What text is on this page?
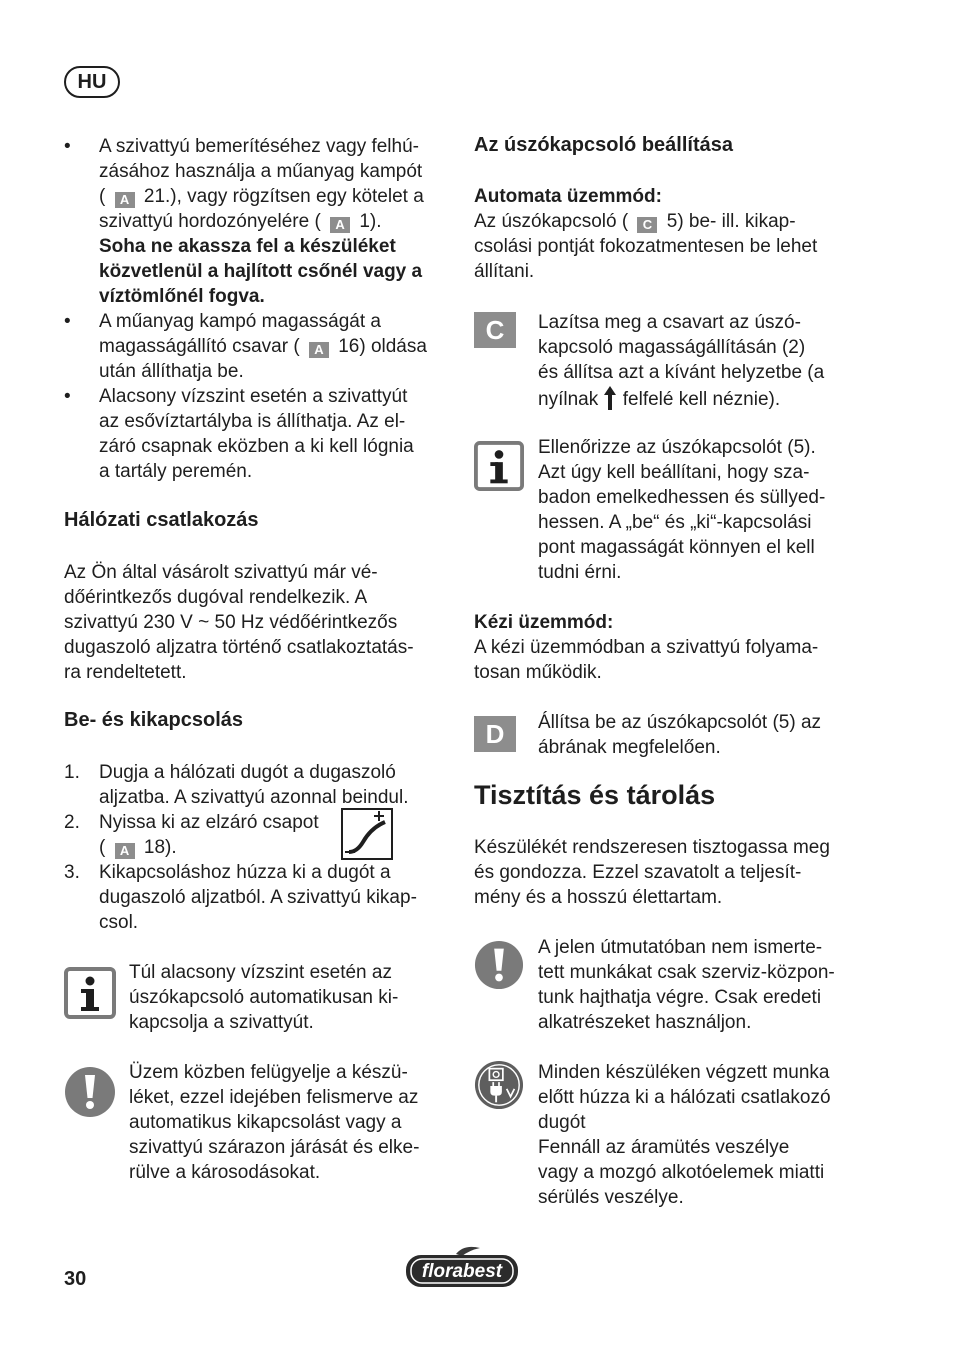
HU
• A szivattyú bemerítéséhez vagy felhú-
zásához használja a műanyag kampót
( A 21.), vagy rögzítsen egy kötelet a
szivattyú hordozónyelére ( A 1).
Soha ne akassza fel a készüléket
közvetlenül a hajlított csőnél vagy a
víztömlőnél fogva.
• A műanyag kampó magasságát a
magasságállító csavar ( A 16) oldása
után állíthatja be.
• Alacsony vízszint esetén a szivattyút
az esővíztartályba is állíthatja. Az el-
záró csapnak eközben a ki kell lógnia
a tartály peremén.
Hálózati csatlakozás
Az Ön által vásárolt szivattyú már vé-
dőérintkezős dugóval rendelkezik. A
szivattyú 230 V ~ 50 Hz védőérintkezős
dugaszoló aljzatra történő csatlakoztatás-
ra rendeltetett.
Be- és kikapcsolás
1. Dugja a hálózati dugót a dugaszoló
aljzatba. A szivattyú azonnal beindul.
2. Nyissa ki az elzáró csapot
( A 18).
3. Kikapcsoláshoz húzza ki a dugót a
dugaszoló aljzatból. A szivattyú kikap-
csol.
Túl alacsony vízszint esetén az
úszókapcsoló automatikusan ki-
kapcsolja a szivattyút.
Üzem közben felügyelje a készü-
léket, ezzel idejében felismerve az
automatikus kikapcsolást vagy a
szivattyú szárazon járását és elke-
rülve a károsodásokat.
Az úszókapcsoló beállítása
Automata üzemmód:
Az úszókapcsoló ( C 5) be- ill. kikap-
csolási pontját fokozatmentesen be lehet
állítani.
C	Lazítsa meg a csavart az úszó-
kapcsoló magasságállításán (2)
és állítsa azt a kívánt helyzetbe (a
nyílnak  felfelé kell néznie).
Ellenőrizze az úszókapcsolót (5).
Azt úgy kell beállítani, hogy sza-
badon emelkedhessen és süllyed-
hessen. A „be“ és „ki“-kapcsolási
pont magasságát könnyen el kell
tudni érni.
Kézi üzemmód:
A kézi üzemmódban a szivattyú folyama-
tosan működik.
D	Állítsa be az úszókapcsolót (5) az
ábrának megfelelően.
Tisztítás és tárolás
Készülékét rendszeresen tisztogassa meg
és gondozza. Ezzel szavatolt a teljesít-
mény és a hosszú élettartam.
A jelen útmutatóban nem ismerte-
tett munkákat csak szerviz-közpon-
tunk hajthatja végre. Csak eredeti
alkatrészeket használjon.
Minden készüléken végzett munka
előtt húzza ki a hálózati csatlakozó
dugót
Fennáll az áramütés veszélye
vagy a mozgó alkotóelemek miatti
sérülés veszélye.
30	florabest
